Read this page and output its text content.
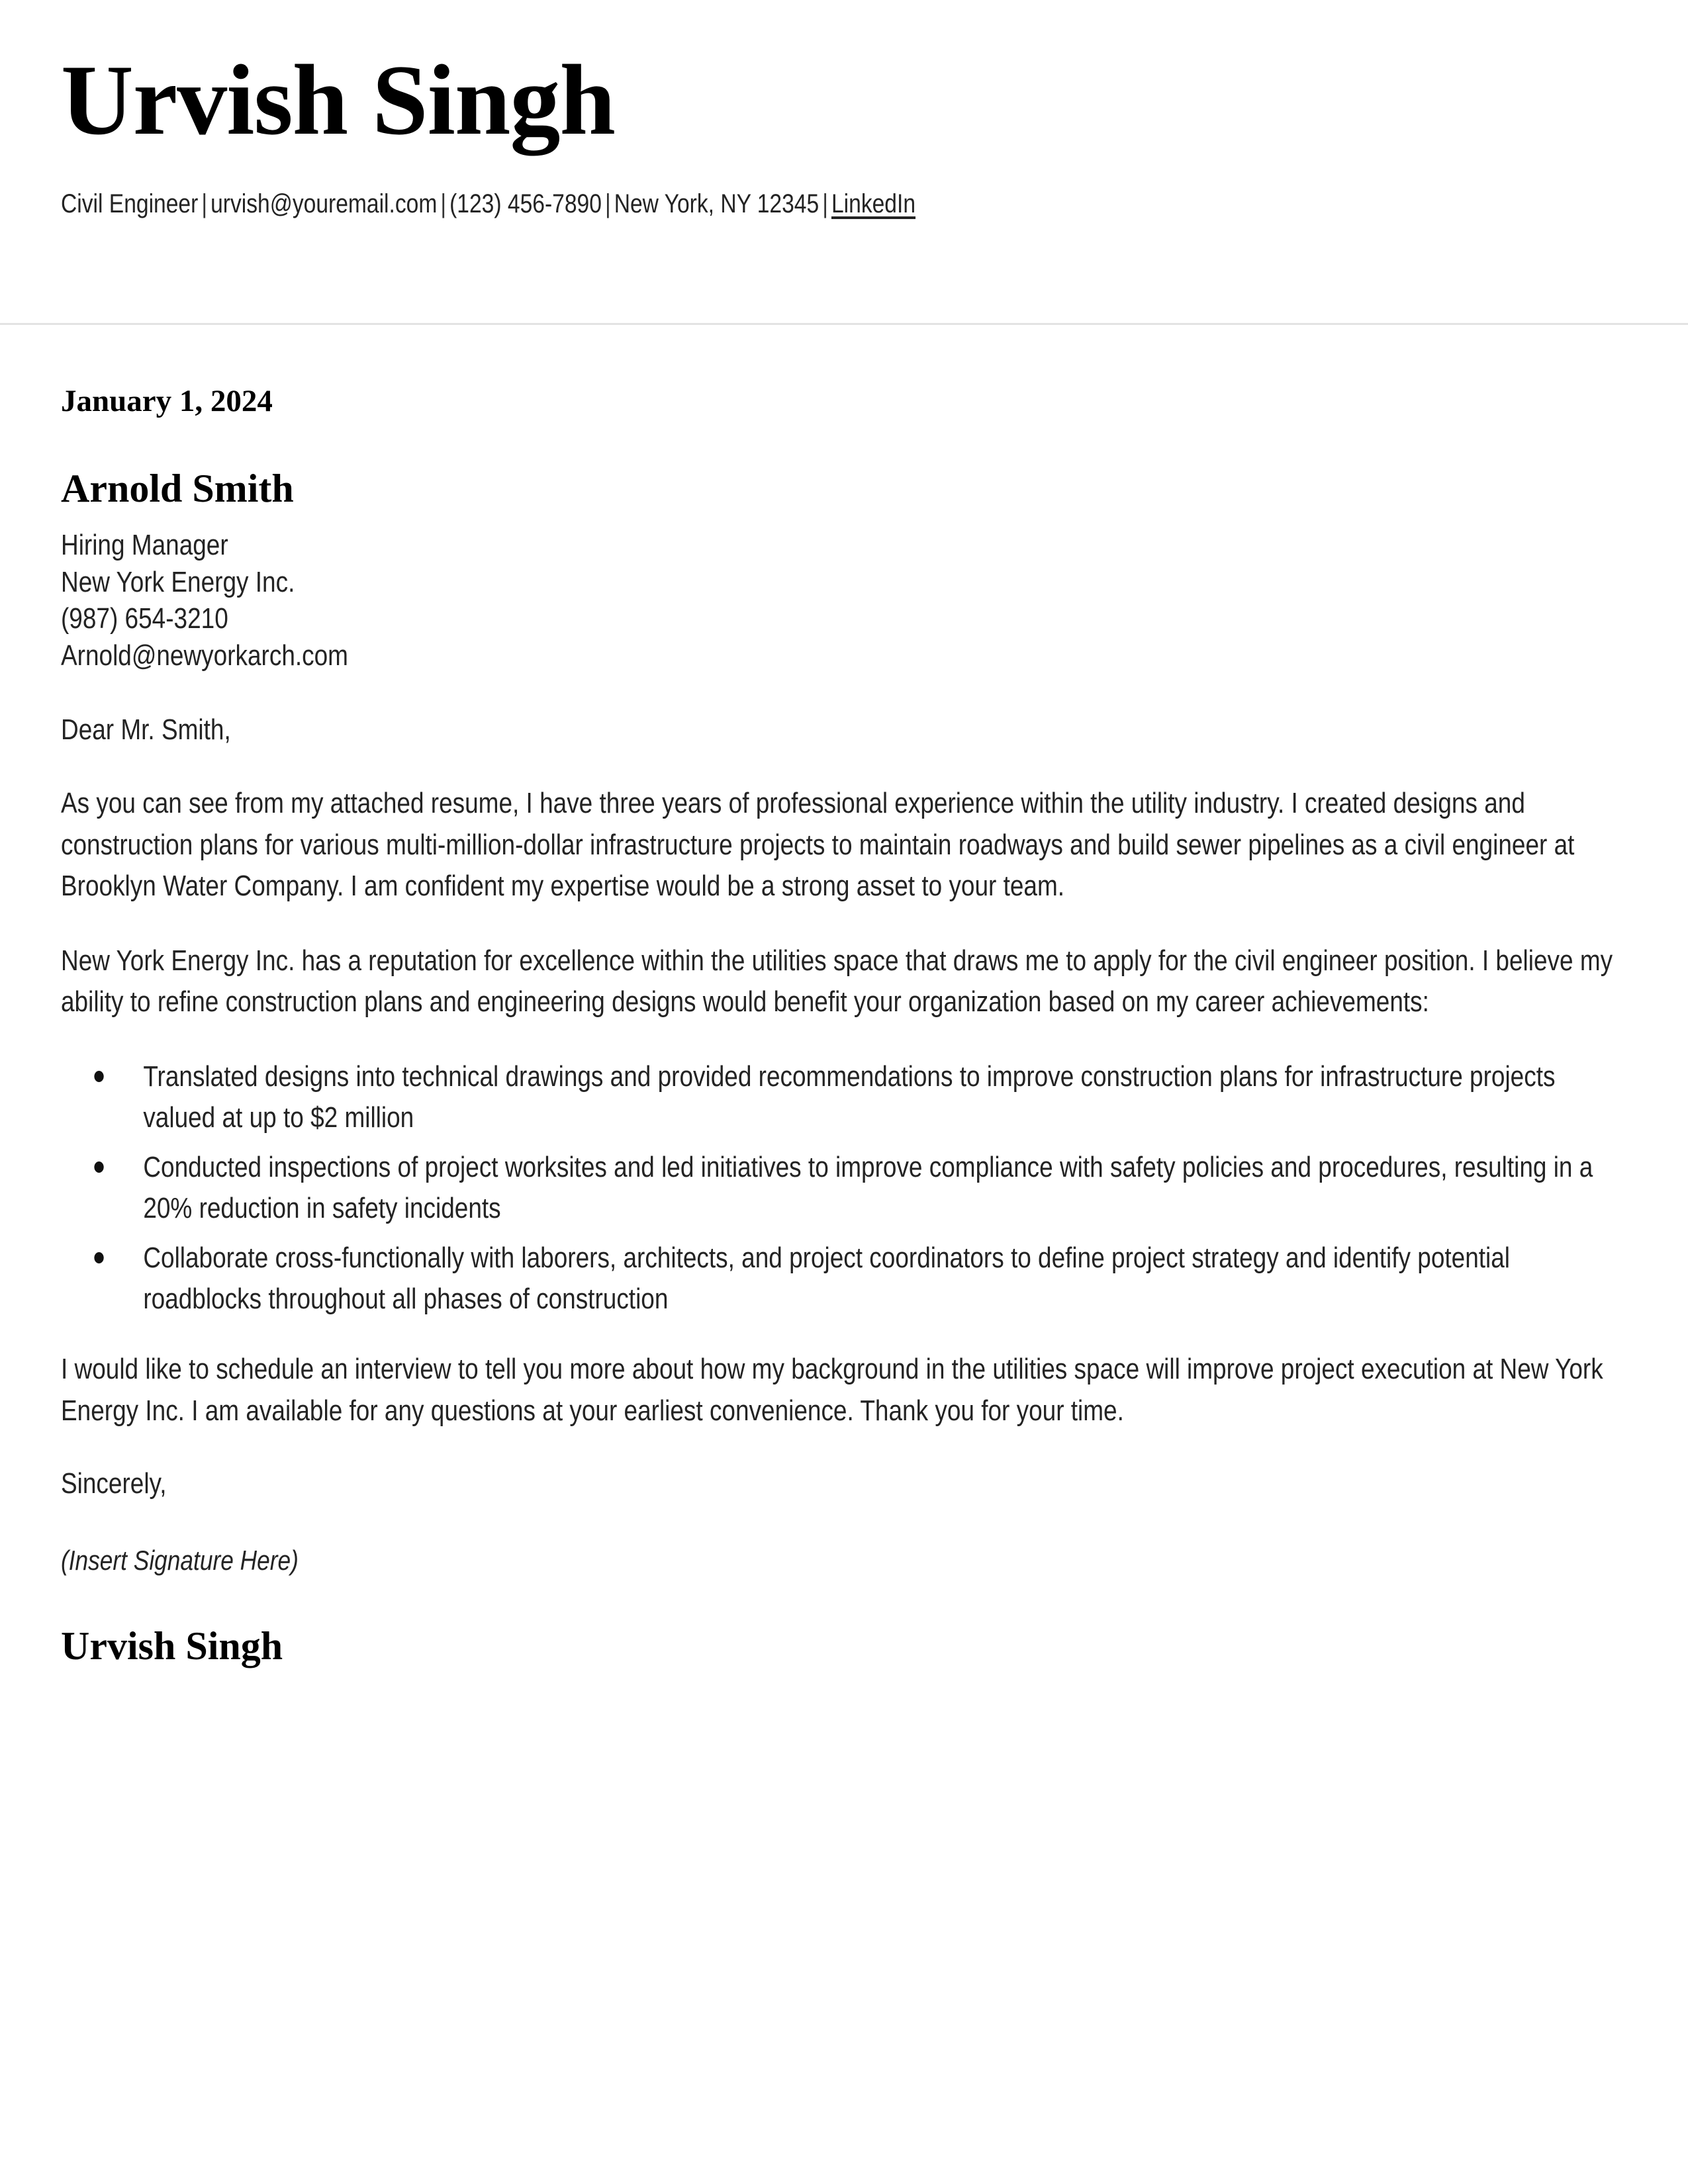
Urvish Singh
Civil Engineer | urvish@youremail.com | (123) 456-7890 | New York, NY 12345 | LinkedIn
January 1, 2024
Arnold Smith
Hiring Manager
New York Energy Inc.
(987) 654-3210
Arnold@newyorkarch.com
Dear Mr. Smith,
As you can see from my attached resume, I have three years of professional experience within the utility industry. I created designs and construction plans for various multi-million-dollar infrastructure projects to maintain roadways and build sewer pipelines as a civil engineer at Brooklyn Water Company. I am confident my expertise would be a strong asset to your team.
New York Energy Inc. has a reputation for excellence within the utilities space that draws me to apply for the civil engineer position. I believe my ability to refine construction plans and engineering designs would benefit your organization based on my career achievements:
Translated designs into technical drawings and provided recommendations to improve construction plans for infrastructure projects valued at up to $2 million
Conducted inspections of project worksites and led initiatives to improve compliance with safety policies and procedures, resulting in a 20% reduction in safety incidents
Collaborate cross-functionally with laborers, architects, and project coordinators to define project strategy and identify potential roadblocks throughout all phases of construction
I would like to schedule an interview to tell you more about how my background in the utilities space will improve project execution at New York Energy Inc. I am available for any questions at your earliest convenience. Thank you for your time.
Sincerely,
(Insert Signature Here)
Urvish Singh
